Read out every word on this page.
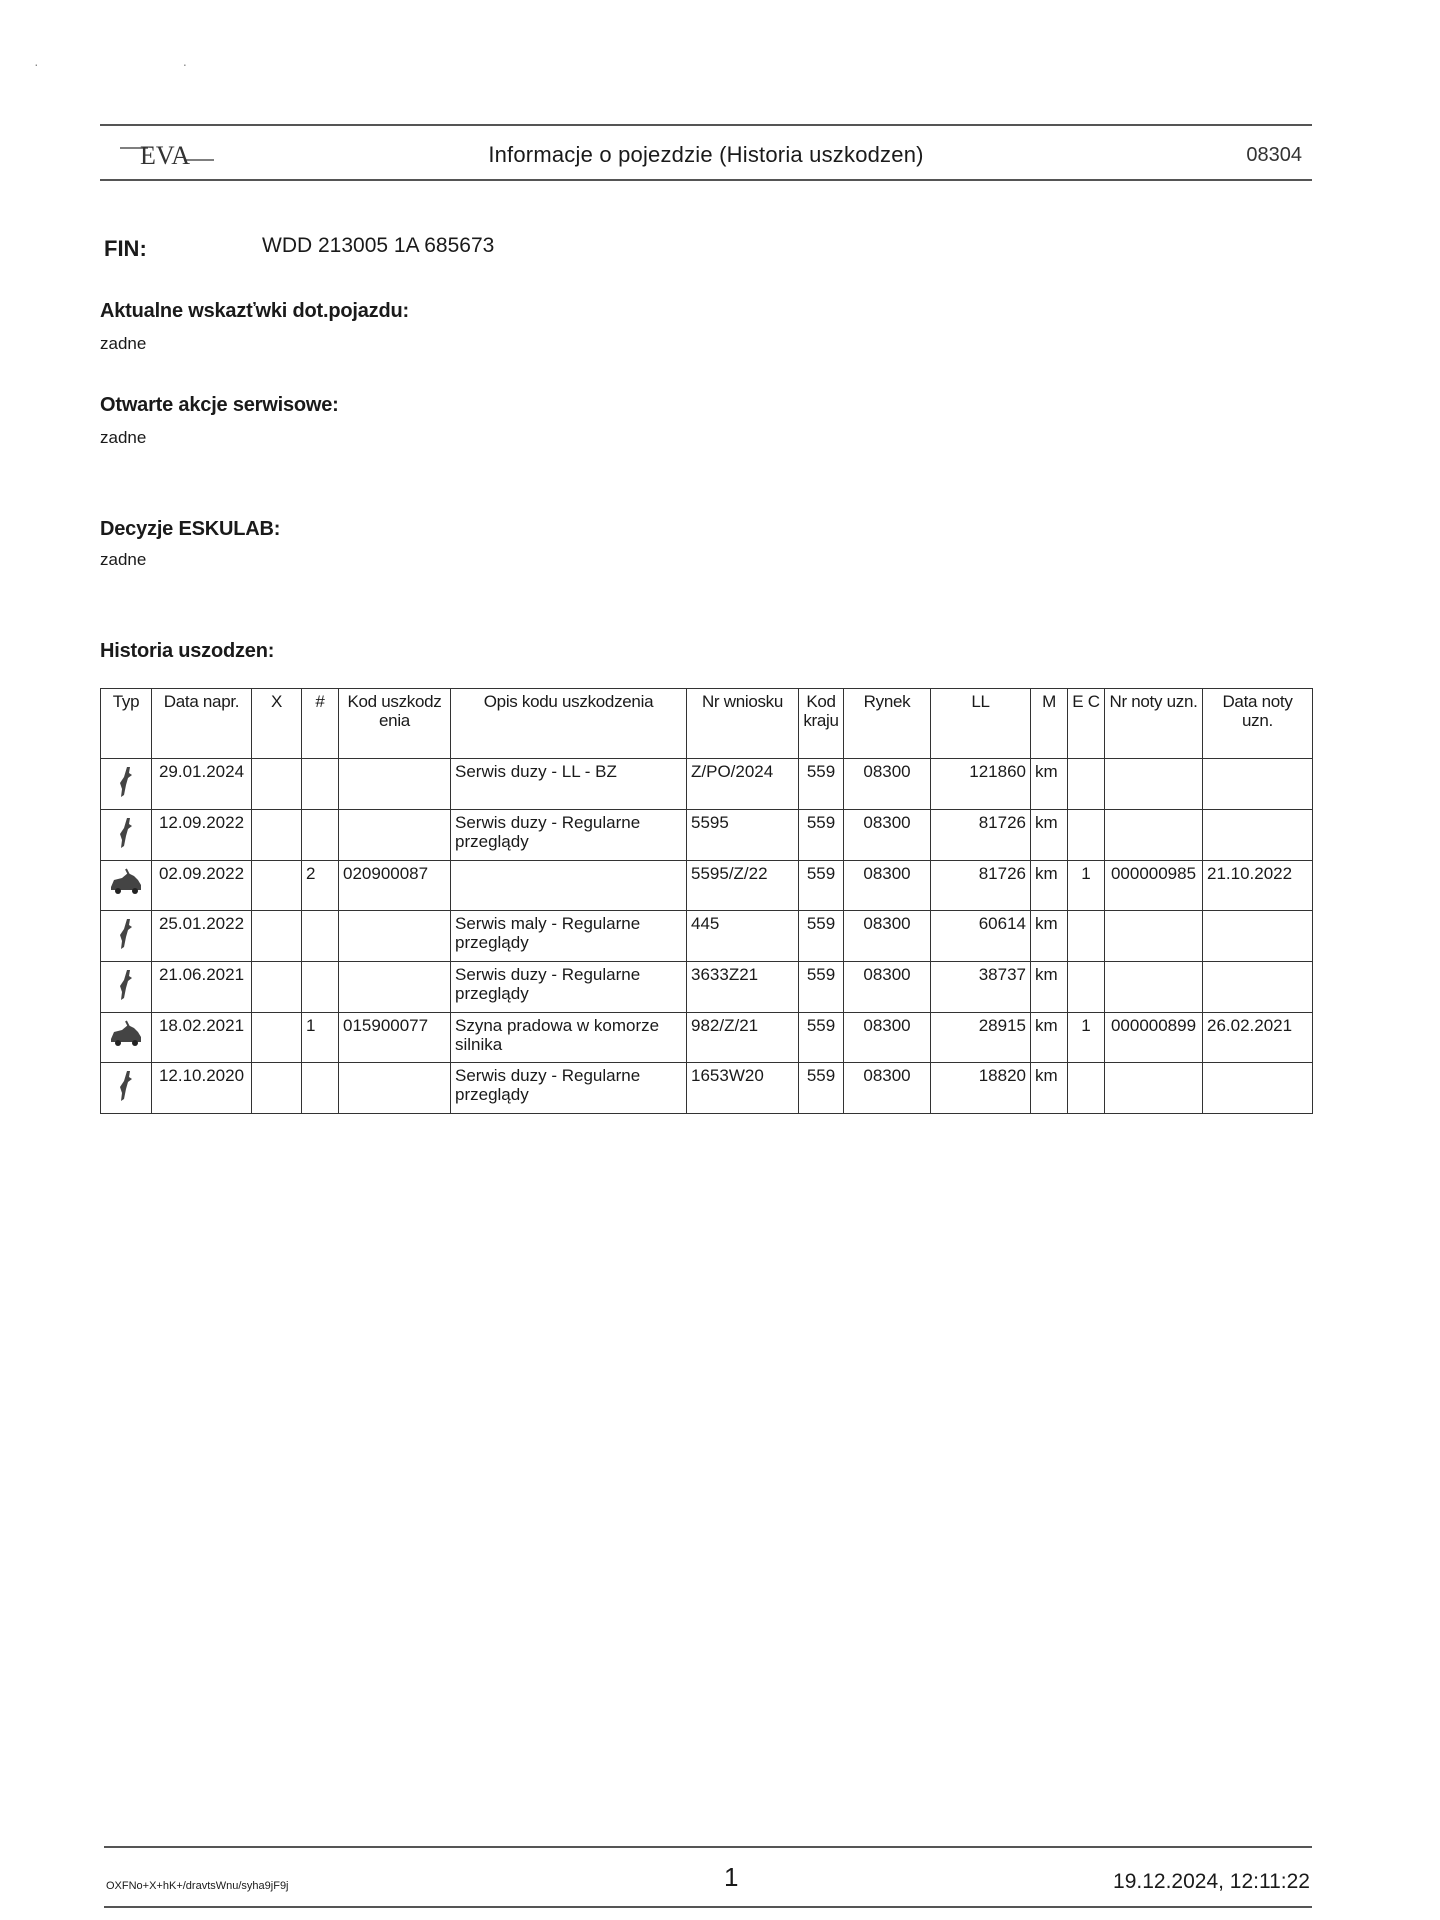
· ·
EVA	Informacje o pojezdzie (Historia uszkodzen)	08304
FIN:	WDD 213005 1A 685673
Aktualne wskazťwki dot.pojazdu:
zadne
Otwarte akcje serwisowe:
zadne
Decyzje ESKULAB:
zadne
Historia uszodzen:
Typ	Data napr.	X	#	Kod uszkodzenia	Opis kodu uszkodzenia	Nr wniosku	Kod kraju	Rynek	LL	M	E C	Nr noty uzn.	Data noty uzn.
	29.01.2024				Serwis duzy - LL - BZ	Z/PO/2024	559	08300	121860	km			
	12.09.2022				Serwis duzy - Regularne przeglądy	5595	559	08300	81726	km			
	02.09.2022		2	020900087		5595/Z/22	559	08300	81726	km	1	000000985	21.10.2022
	25.01.2022				Serwis maly - Regularne przeglądy	445	559	08300	60614	km			
	21.06.2021				Serwis duzy - Regularne przeglądy	3633Z21	559	08300	38737	km			
	18.02.2021		1	015900077	Szyna pradowa w komorze silnika	982/Z/21	559	08300	28915	km	1	000000899	26.02.2021
	12.10.2020				Serwis duzy - Regularne przeglądy	1653W20	559	08300	18820	km			
OXFNo+X+hK+/dravtsWnu/syha9jF9j	1	19.12.2024, 12:11:22
